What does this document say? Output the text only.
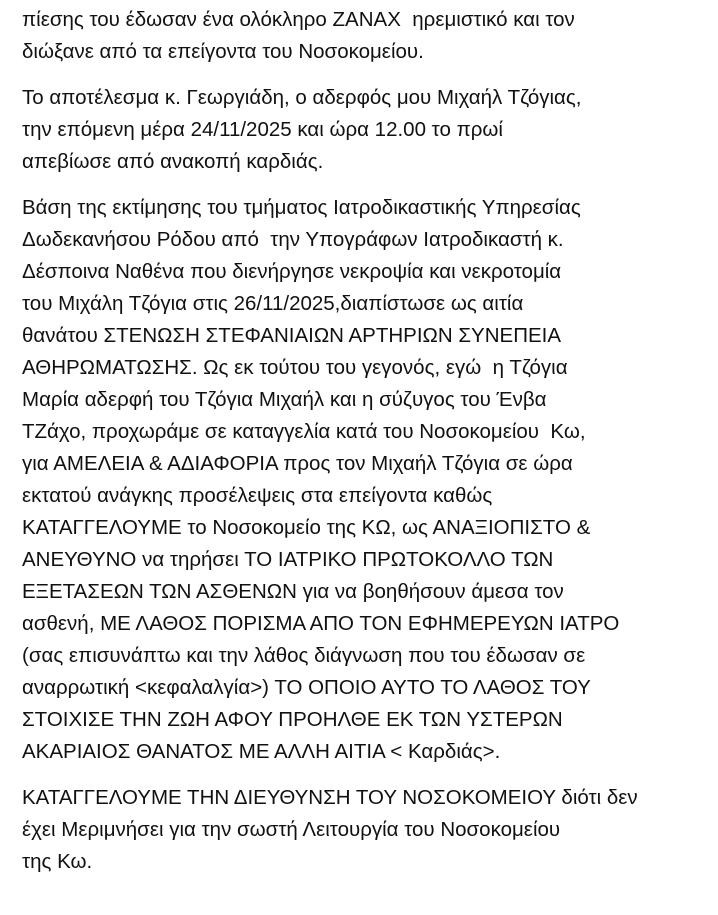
πίεσης του έδωσαν ένα ολόκληρο ΖΑΝΑΧ  ηρεμιστικό και τον
διώξανε από τα επείγοντα του Νοσοκομείου.

Το αποτέλεσμα κ. Γεωργιάδη, ο αδερφός μου Μιχαήλ Τζόγιας,
την επόμενη μέρα 24/11/2025 και ώρα 12.00 το πρωί
απεβίωσε από ανακοπή καρδιάς.

Βάση της εκτίμησης του τμήματος Ιατροδικαστικής Υπηρεσίας
Δωδεκανήσου Ρόδου από  την Υπογράφων Ιατροδικαστή κ.
Δέσποινα Ναθένα που διενήργησε νεκροψία και νεκροτομία
του Μιχάλη Τζόγια στις 26/11/2025,διαπίστωσε ως αιτία
θανάτου ΣΤΕΝΩΣΗ ΣΤΕΦΑΝΙΑΙΩΝ ΑΡΤΗΡΙΩΝ ΣΥΝΕΠΕΙΑ
ΑΘΗΡΩΜΑΤΩΣΗΣ. Ως εκ τούτου του γεγονός, εγώ  η Τζόγια
Μαρία αδερφή του Τζόγια Μιχαήλ και η σύζυγος του Ένβα
ΤΖάχο, προχωράμε σε καταγγελία κατά του Νοσοκομείου  Κω,
για ΑΜΕΛΕΙΑ & ΑΔΙΑΦΟΡΙΑ προς τον Μιχαήλ Τζόγια σε ώρα
εκτατού ανάγκης προσέλεψεις στα επείγοντα καθώς
ΚΑΤΑΓΓΕΛΟΥΜΕ το Νοσοκομείο της ΚΩ, ως ΑΝΑΞΙΟΠΙΣΤΟ &
ΑΝΕΥΘΥΝΟ να τηρήσει ΤΟ ΙΑΤΡΙΚΟ ΠΡΩΤΟΚΟΛΛΟ ΤΩΝ
ΕΞΕΤΑΣΕΩΝ ΤΩΝ ΑΣΘΕΝΩΝ για να βοηθήσουν άμεσα τον
ασθενή, ΜΕ ΛΑΘΟΣ ΠΟΡΙΣΜΑ ΑΠΟ ΤΟΝ ΕΦΗΜΕΡΕΥΩΝ ΙΑΤΡΟ
(σας επισυνάπτω και την λάθος διάγνωση που του έδωσαν σε
αναρρωτική <κεφαλαλγία>) ΤΟ ΟΠΟΙΟ ΑΥΤΟ ΤΟ ΛΑΘΟΣ ΤΟΥ
ΣΤΟΙΧΙΣΕ ΤΗΝ ΖΩΗ ΑΦΟΥ ΠΡΟΗΛΘΕ ΕΚ ΤΩΝ ΥΣΤΕΡΩΝ
ΑΚΑΡΙΑΙΟΣ ΘΑΝΑΤΟΣ ΜΕ ΑΛΛΗ ΑΙΤΙΑ < Καρδιάς>.

ΚΑΤΑΓΓΕΛΟΥΜΕ ΤΗΝ ΔΙΕΥΘΥΝΣΗ ΤΟΥ ΝΟΣΟΚΟΜΕΙΟΥ διότι δεν
έχει Μεριμνήσει για την σωστή Λειτουργία του Νοσοκομείου
της Κω.
